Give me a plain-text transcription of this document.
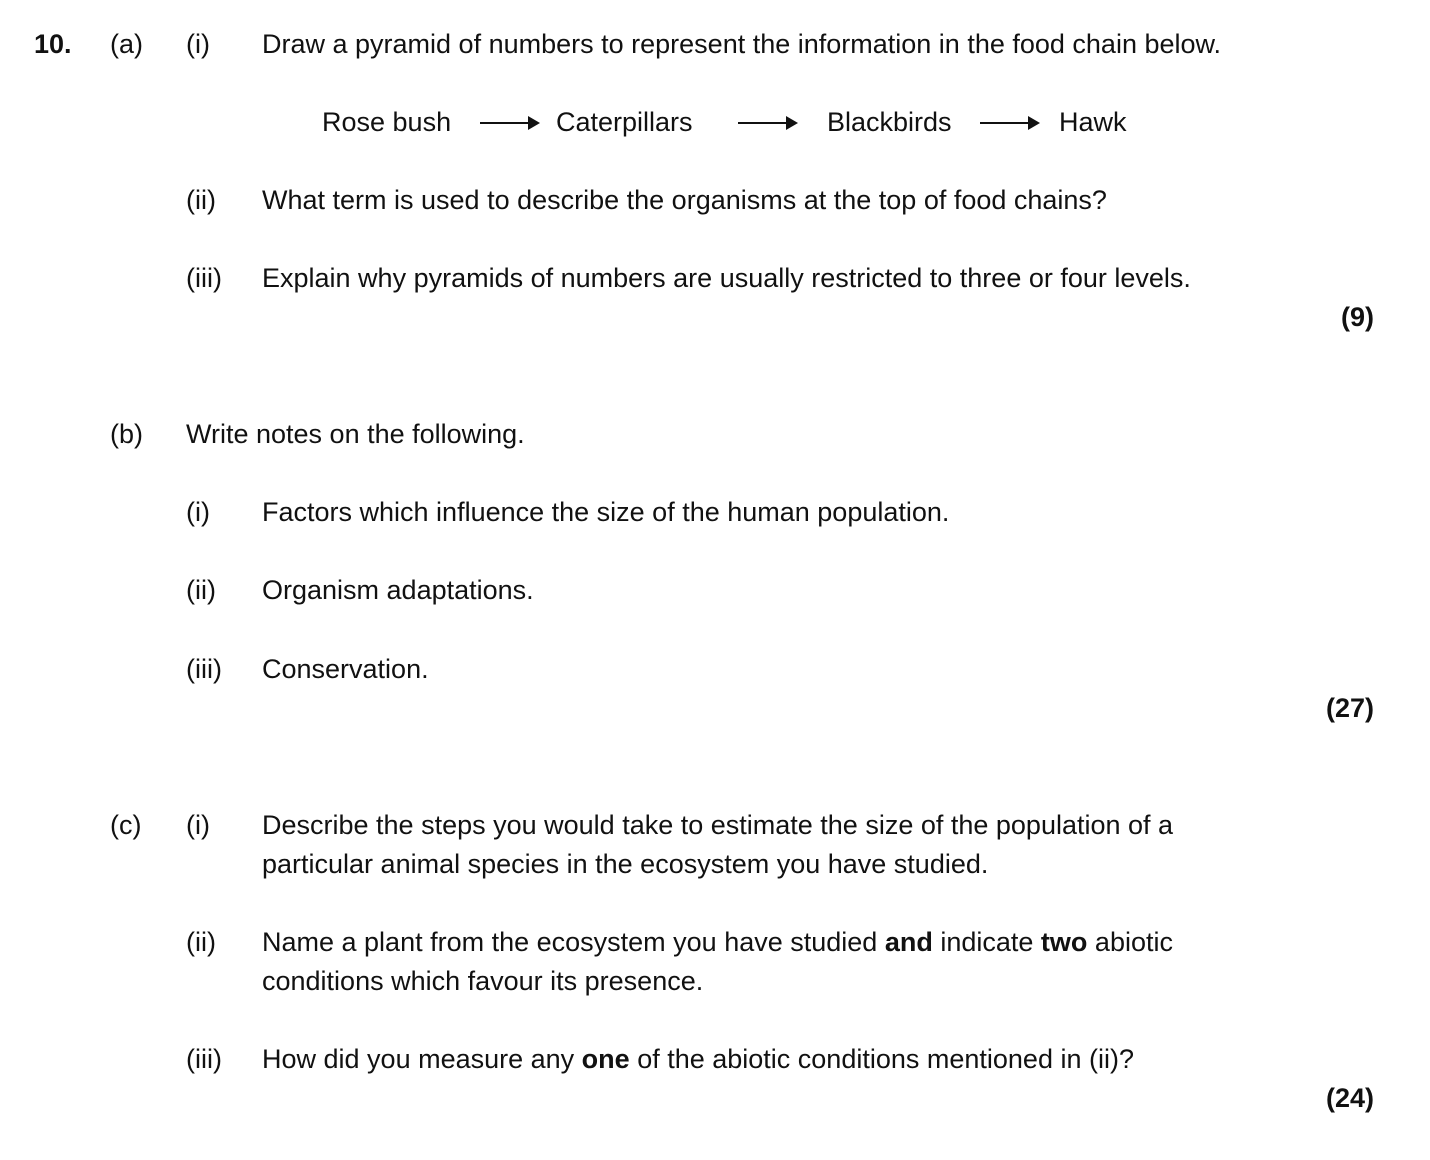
10. (a) (i) Draw a pyramid of numbers to represent the information in the food chain below.
Rose bush	Caterpillars	Blackbirds	Hawk
(ii) What term is used to describe the organisms at the top of food chains?
(iii) Explain why pyramids of numbers are usually restricted to three or four levels.
(9)
(b) Write notes on the following.
(i) Factors which influence the size of the human population.
(ii) Organism adaptations.
(iii) Conservation.
(27)
(c) (i) Describe the steps you would take to estimate the size of the population of a
particular animal species in the ecosystem you have studied.
(ii) Name a plant from the ecosystem you have studied and indicate two abiotic
conditions which favour its presence.
(iii) How did you measure any one of the abiotic conditions mentioned in (ii)?
(24)
